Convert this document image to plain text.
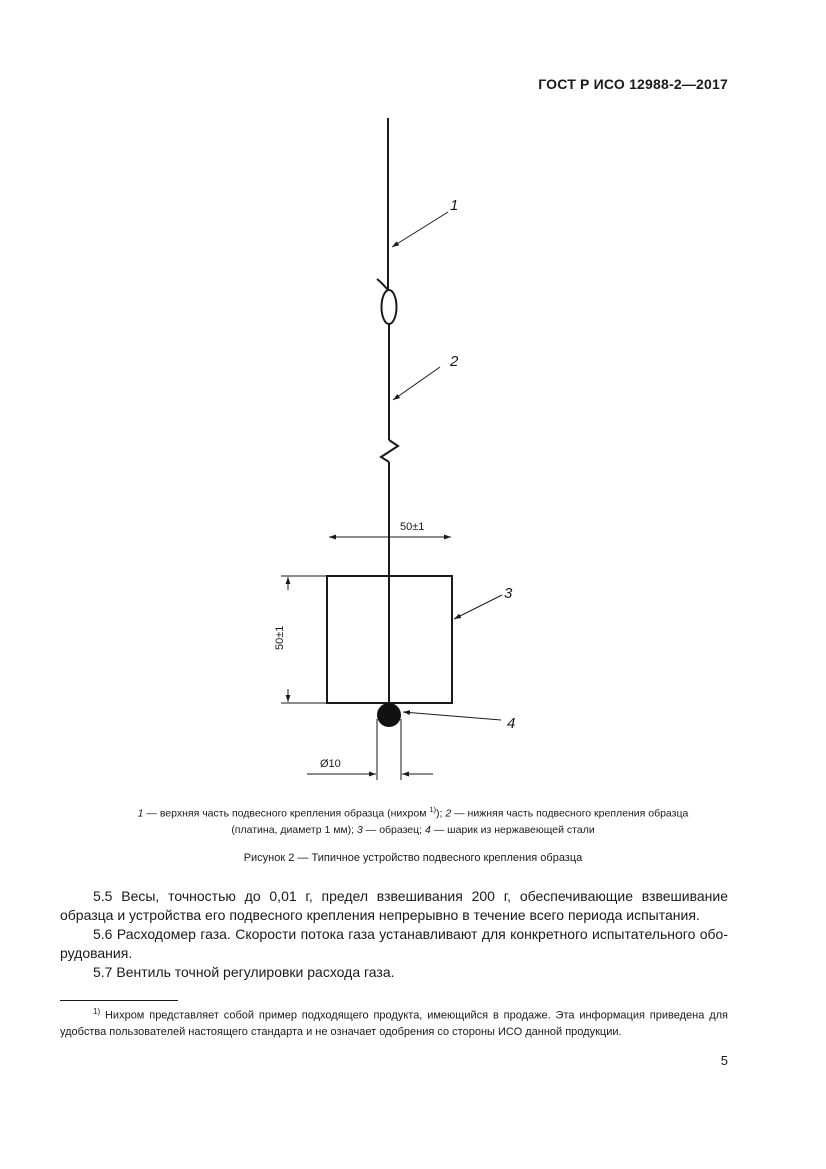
ГОСТ Р ИСО 12988-2—2017
1
2
3
4
50±1
50±1
Ø10
1 — верхняя часть подвесного крепления образца (нихром $^{1)}$); 2 — нижняя часть подвесного крепления образца
(платина, диаметр 1 мм); 3 — образец; 4 — шарик из нержавеющей стали
Рисунок 2 — Типичное устройство подвесного крепления образца

5.5 Весы, точностью до 0,01 г, предел взвешивания 200 г, обеспечивающие взвешивание образца и устройства его подвесного крепления непрерывно в течение всего периода испытания.

5.6 Расходомер газа. Скорости потока газа устанавливают для конкретного испытательного оборудования.

5.7 Вентиль точной регулировки расхода газа.

$^{1)}$ Нихром представляет собой пример подходящего продукта, имеющийся в продаже. Эта информация приведена для удобства пользователей настоящего стандарта и не означает одобрения со стороны ИСО данной продукции.
5
